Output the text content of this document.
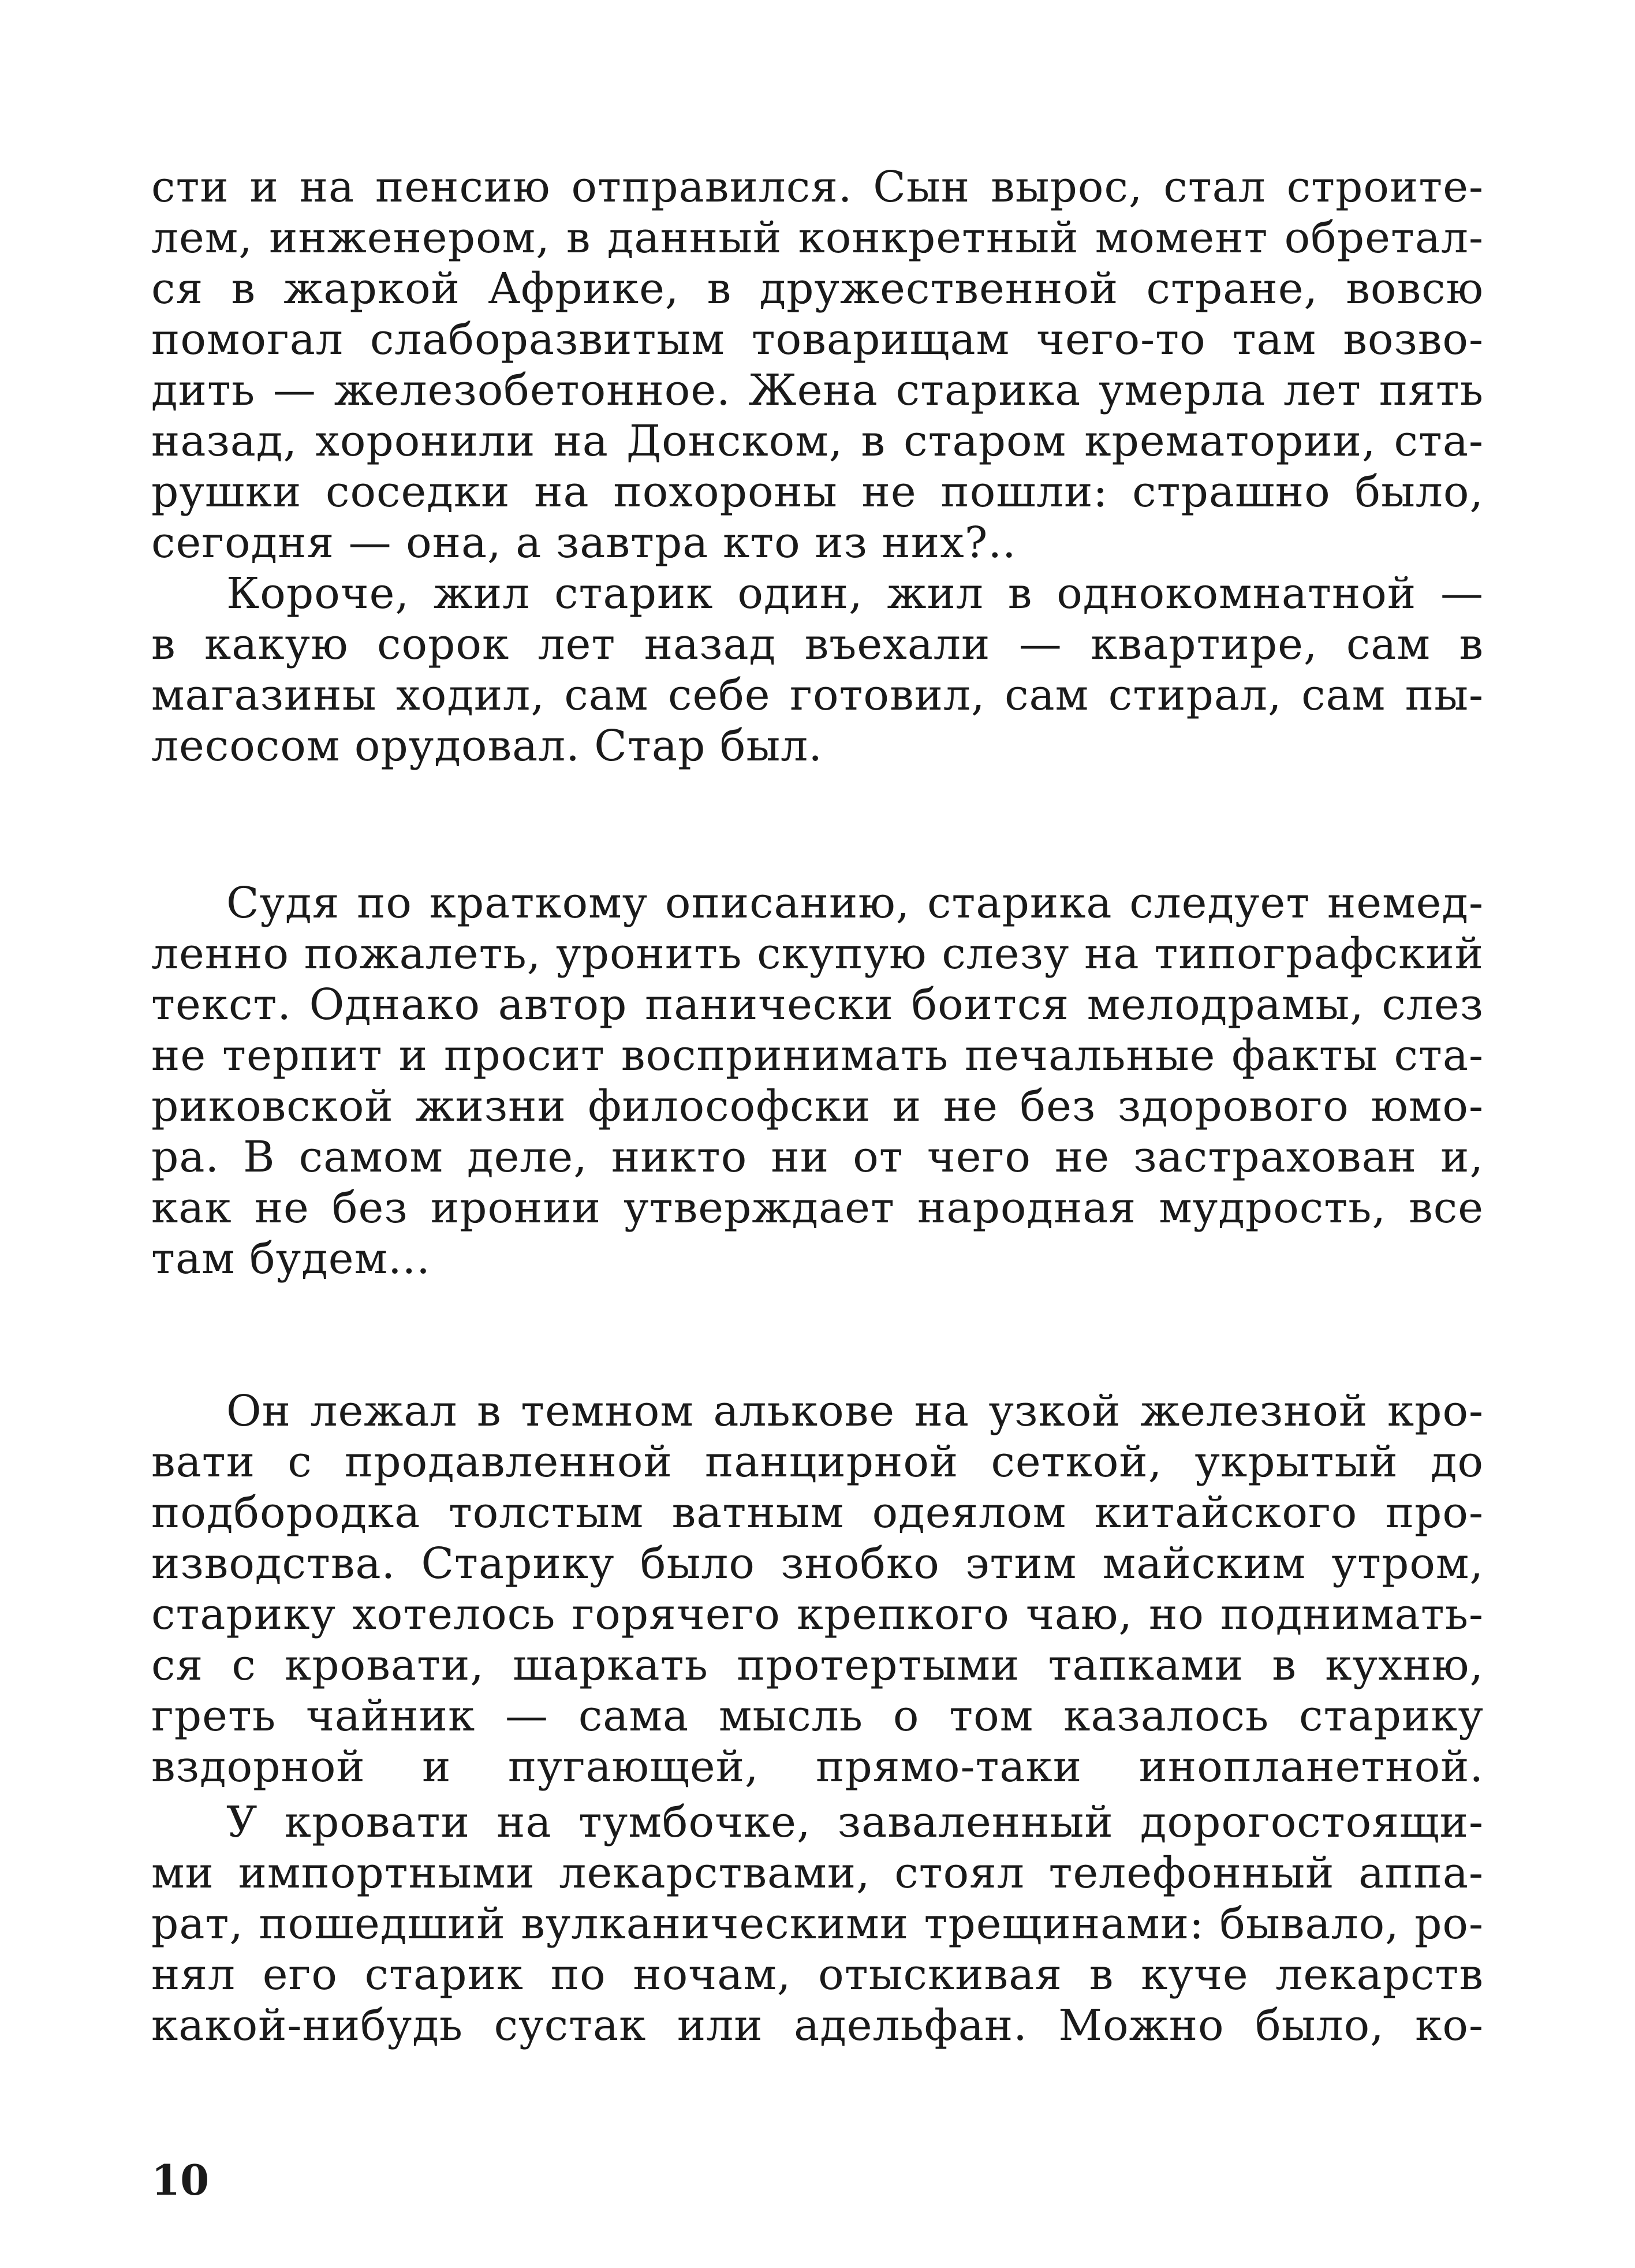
сти и на пенсию отправился. Сын вырос, стал строите-
лем, инженером, в данный конкретный момент обретал-
ся в жаркой Африке, в дружественной стране, вовсю
помогал слаборазвитым товарищам чего-то там возво-
дить — железобетонное. Жена старика умерла лет пять
назад, хоронили на Донском, в старом крематории, ста-
рушки соседки на похороны не пошли: страшно было,
сегодня — она, а завтра кто из них?..
Короче, жил старик один, жил в однокомнатной —
в какую сорок лет назад въехали — квартире, сам в
магазины ходил, сам себе готовил, сам стирал, сам пы-
лесосом орудовал. Стар был.
Судя по краткому описанию, старика следует немед-
ленно пожалеть, уронить скупую слезу на типографский
текст. Однако автор панически боится мелодрамы, слез
не терпит и просит воспринимать печальные факты ста-
риковской жизни философски и не без здорового юмо-
ра. В самом деле, никто ни от чего не застрахован и,
как не без иронии утверждает народная мудрость, все
там будем...
Он лежал в темном алькове на узкой железной кро-
вати с продавленной панцирной сеткой, укрытый до
подбородка толстым ватным одеялом китайского про-
изводства. Старику было знобко этим майским утром,
старику хотелось горячего крепкого чаю, но поднимать-
ся с кровати, шаркать протертыми тапками в кухню,
греть чайник — сама мысль о том казалось старику
вздорной и пугающей, прямо-таки инопланетной.
У кровати на тумбочке, заваленный дорогостоящи-
ми импортными лекарствами, стоял телефонный аппа-
рат, пошедший вулканическими трещинами: бывало, ро-
нял его старик по ночам, отыскивая в куче лекарств
какой-нибудь сустак или адельфан. Можно было, ко-
10
